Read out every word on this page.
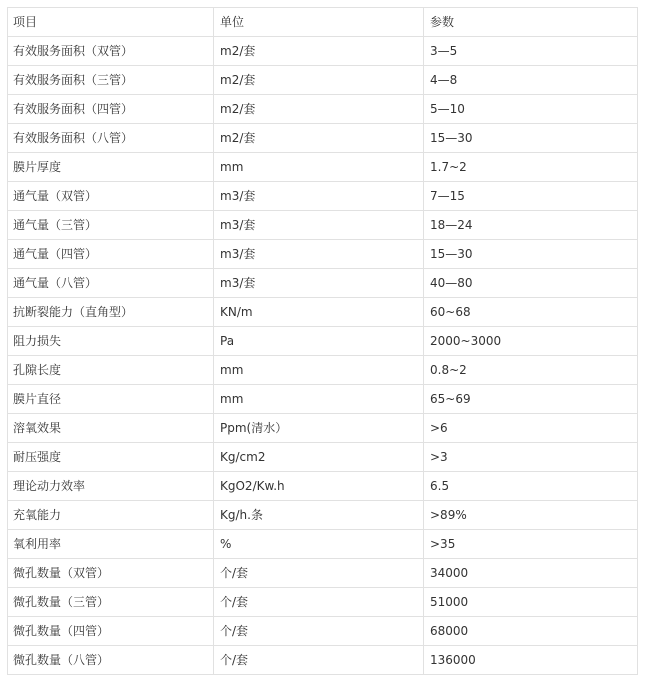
项目	单位	参数
有效服务面积（双管）	m2/套	3—5
有效服务面积（三管）	m2/套	4—8
有效服务面积（四管）	m2/套	5—10
有效服务面积（八管）	m2/套	15—30
膜片厚度	mm	1.7~2
通气量（双管）	m3/套	7—15
通气量（三管）	m3/套	18—24
通气量（四管）	m3/套	15—30
通气量（八管）	m3/套	40—80
抗断裂能力（直角型）	KN/m	60~68
阻力损失	Pa	2000~3000
孔隙长度	mm	0.8~2
膜片直径	mm	65~69
溶氧效果	Ppm(清水）	>6
耐压强度	Kg/cm2	>3
理论动力效率	KgO2/Kw.h	6.5
充氧能力	Kg/h.条	>89%
氧利用率	%	>35
微孔数量（双管）	个/套	34000
微孔数量（三管）	个/套	51000
微孔数量（四管）	个/套	68000
微孔数量（八管）	个/套	136000
